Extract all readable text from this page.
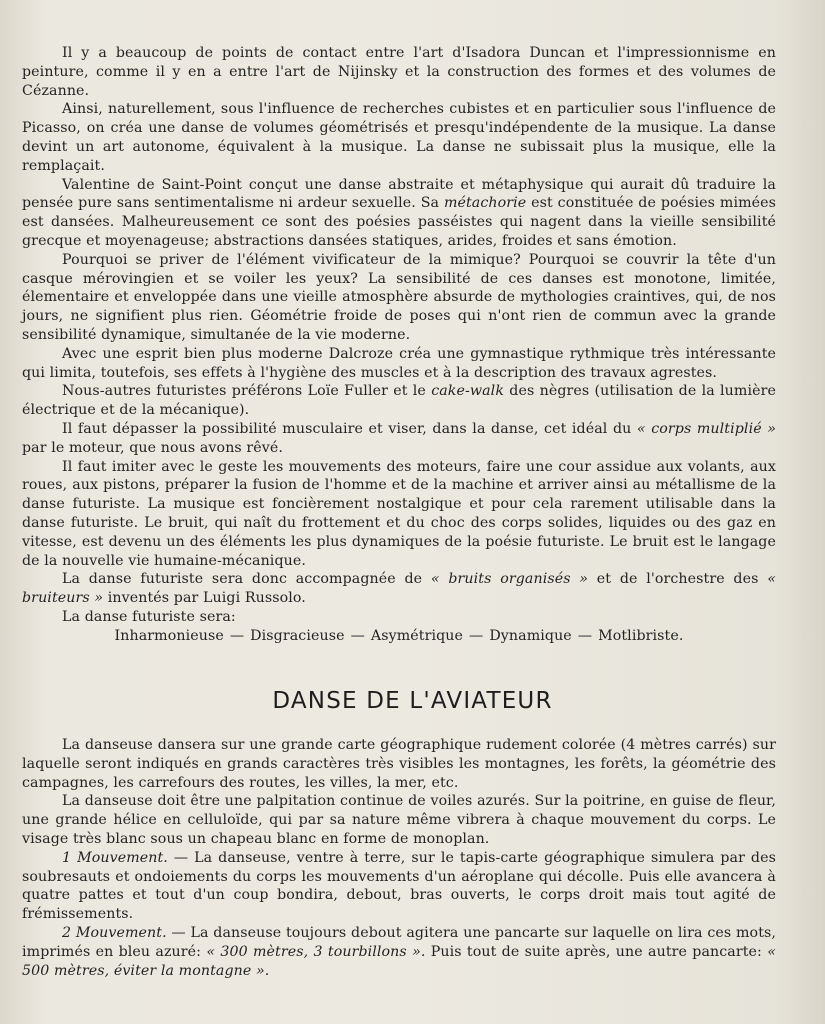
Il y a beaucoup de points de contact entre l'art d'Isadora Duncan et l'impressionnisme en peinture, comme il y en a entre l'art de Nijinsky et la construction des formes et des volumes de Cézanne.

Ainsi, naturellement, sous l'influence de recherches cubistes et en particulier sous l'influence de Picasso, on créa une danse de volumes géométrisés et presqu'indépendente de la musique. La danse devint un art autonome, équivalent à la musique. La danse ne subissait plus la musique, elle la remplaçait.

Valentine de Saint-Point conçut une danse abstraite et métaphysique qui aurait dû traduire la pensée pure sans sentimentalisme ni ardeur sexuelle. Sa métachorie est constituée de poésies mimées est dansées. Malheureusement ce sont des poésies passéistes qui nagent dans la vieille sensibilité grecque et moyenageuse; abstractions dansées statiques, arides, froides et sans émotion.

Pourquoi se priver de l'élément vivificateur de la mimique? Pourquoi se couvrir la tête d'un casque mérovingien et se voiler les yeux? La sensibilité de ces danses est monotone, limitée, élementaire et enveloppée dans une vieille atmosphère absurde de mythologies craintives, qui, de nos jours, ne signifient plus rien. Géométrie froide de poses qui n'ont rien de commun avec la grande sensibilité dynamique, simultanée de la vie moderne.

Avec une esprit bien plus moderne Dalcroze créa une gymnastique rythmique très intéressante qui limita, toutefois, ses effets à l'hygiène des muscles et à la description des travaux agrestes.

Nous-autres futuristes préférons Loïe Fuller et le cake-walk des nègres (utilisation de la lumière électrique et de la mécanique).

Il faut dépasser la possibilité musculaire et viser, dans la danse, cet idéal du « corps multiplié » par le moteur, que nous avons rêvé.

Il faut imiter avec le geste les mouvements des moteurs, faire une cour assidue aux volants, aux roues, aux pistons, préparer la fusion de l'homme et de la machine et arriver ainsi au métallisme de la danse futuriste. La musique est foncièrement nostalgique et pour cela rarement utilisable dans la danse futuriste. Le bruit, qui naît du frottement et du choc des corps solides, liquides ou des gaz en vitesse, est devenu un des éléments les plus dynamiques de la poésie futuriste. Le bruit est le langage de la nouvelle vie humaine-mécanique.

La danse futuriste sera donc accompagnée de « bruits organisés » et de l'orchestre des « bruiteurs » inventés par Luigi Russolo.

La danse futuriste sera:

Inharmonieuse — Disgracieuse — Asymétrique — Dynamique — Motlibriste.

DANSE DE L'AVIATEUR

La danseuse dansera sur une grande carte géographique rudement colorée (4 mètres carrés) sur laquelle seront indiqués en grands caractères très visibles les montagnes, les forêts, la géométrie des campagnes, les carrefours des routes, les villes, la mer, etc.

La danseuse doit être une palpitation continue de voiles azurés. Sur la poitrine, en guise de fleur, une grande hélice en celluloïde, qui par sa nature même vibrera à chaque mouvement du corps. Le visage très blanc sous un chapeau blanc en forme de monoplan.

1 Mouvement. — La danseuse, ventre à terre, sur le tapis-carte géographique simulera par des soubresauts et ondoiements du corps les mouvements d'un aéroplane qui décolle. Puis elle avancera à quatre pattes et tout d'un coup bondira, debout, bras ouverts, le corps droit mais tout agité de frémissements.

2 Mouvement. — La danseuse toujours debout agitera une pancarte sur laquelle on lira ces mots, imprimés en bleu azuré: « 300 mètres, 3 tourbillons ». Puis tout de suite après, une autre pancarte: « 500 mètres, éviter la montagne ».
